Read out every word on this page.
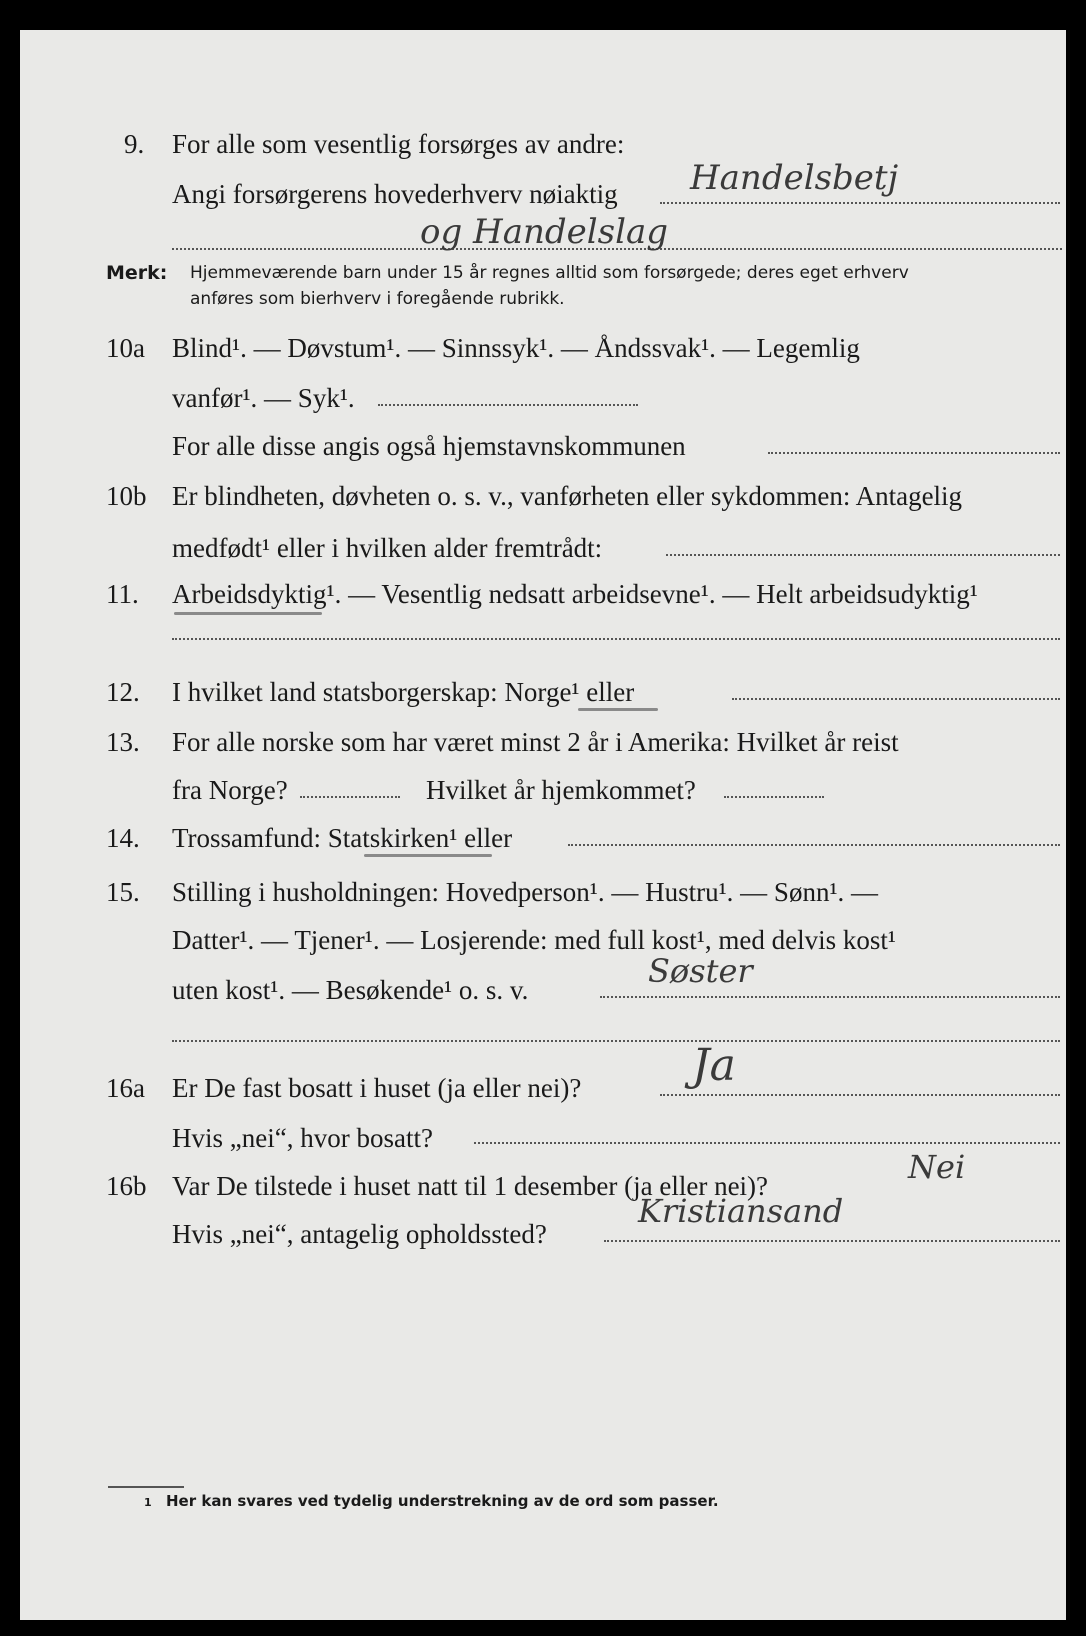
9. For alle som vesentlig forsørges av andre:
Angi forsørgerens hovederhverv nøiaktig Handelsbetj
og Handelslag
Merk: Hjemmeværende barn under 15 år regnes alltid som forsørgede; deres eget erhverv
anføres som bierhverv i foregående rubrikk.
10a Blind¹. — Døvstum¹. — Sinnssyk¹. — Åndssvak¹. — Legemlig
vanfør¹. — Syk¹.
For alle disse angis også hjemstavnskommunen
10b Er blindheten, døvheten o. s. v., vanførheten eller sykdommen: Antagelig
medfødt¹ eller i hvilken alder fremtrådt:
11. Arbeidsdyktig¹. — Vesentlig nedsatt arbeidsevne¹. — Helt arbeidsudyktig¹
12. I hvilket land statsborgerskap: Norge¹ eller
13. For alle norske som har været minst 2 år i Amerika: Hvilket år reist
fra Norge?	Hvilket år hjemkommet?
14. Trossamfund: Statskirken¹ eller
15. Stilling i husholdningen: Hovedperson¹. — Hustru¹. — Sønn¹. —
Datter¹. — Tjener¹. — Losjerende: med full kost¹, med delvis kost¹
uten kost¹. — Besøkende¹ o. s. v.	Søster
16a Er De fast bosatt i huset (ja eller nei)?	Ja
Hvis „nei“, hvor bosatt?
16b Var De tilstede i huset natt til 1 desember (ja eller nei)?	Nei
Hvis „nei“, antagelig opholdssted?
Kristiansand
1 Her kan svares ved tydelig understrekning av de ord som passer.
